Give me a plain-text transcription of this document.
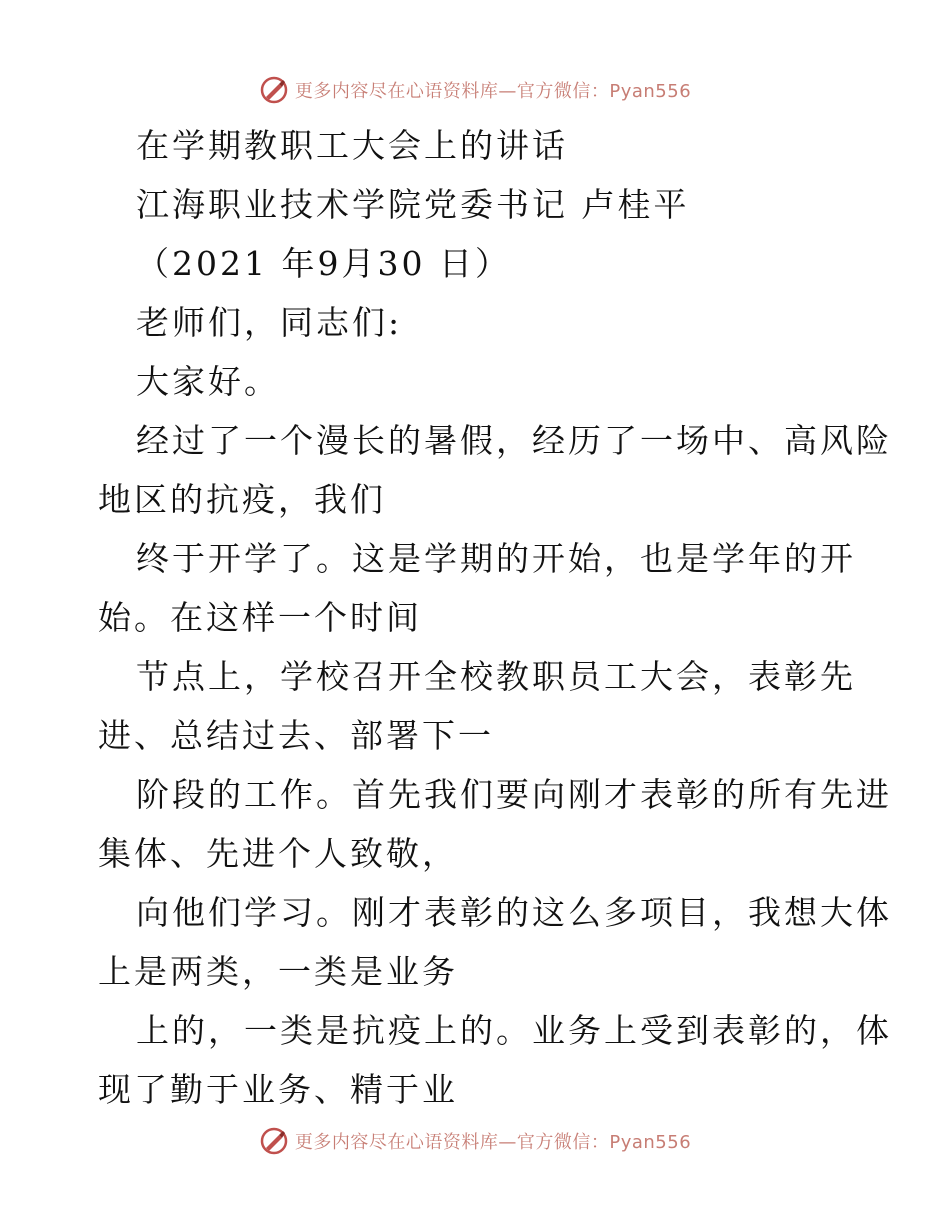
更多内容尽在心语资料库—官方微信：Pyan556
在学期教职工大会上的讲话
江海职业技术学院党委书记 卢桂平
（2021 年9月30 日）
老师们，同志们:
大家好。
经过了一个漫长的暑假，经历了一场中、高风险
地区的抗疫，我们
终于开学了。这是学期的开始，也是学年的开
始。在这样一个时间
节点上，学校召开全校教职员工大会，表彰先
进、总结过去、部署下一
阶段的工作。首先我们要向刚才表彰的所有先进
集体、先进个人致敬，
向他们学习。刚才表彰的这么多项目，我想大体
上是两类，一类是业务
上的，一类是抗疫上的。业务上受到表彰的，体
现了勤于业务、精于业
更多内容尽在心语资料库—官方微信：Pyan556
